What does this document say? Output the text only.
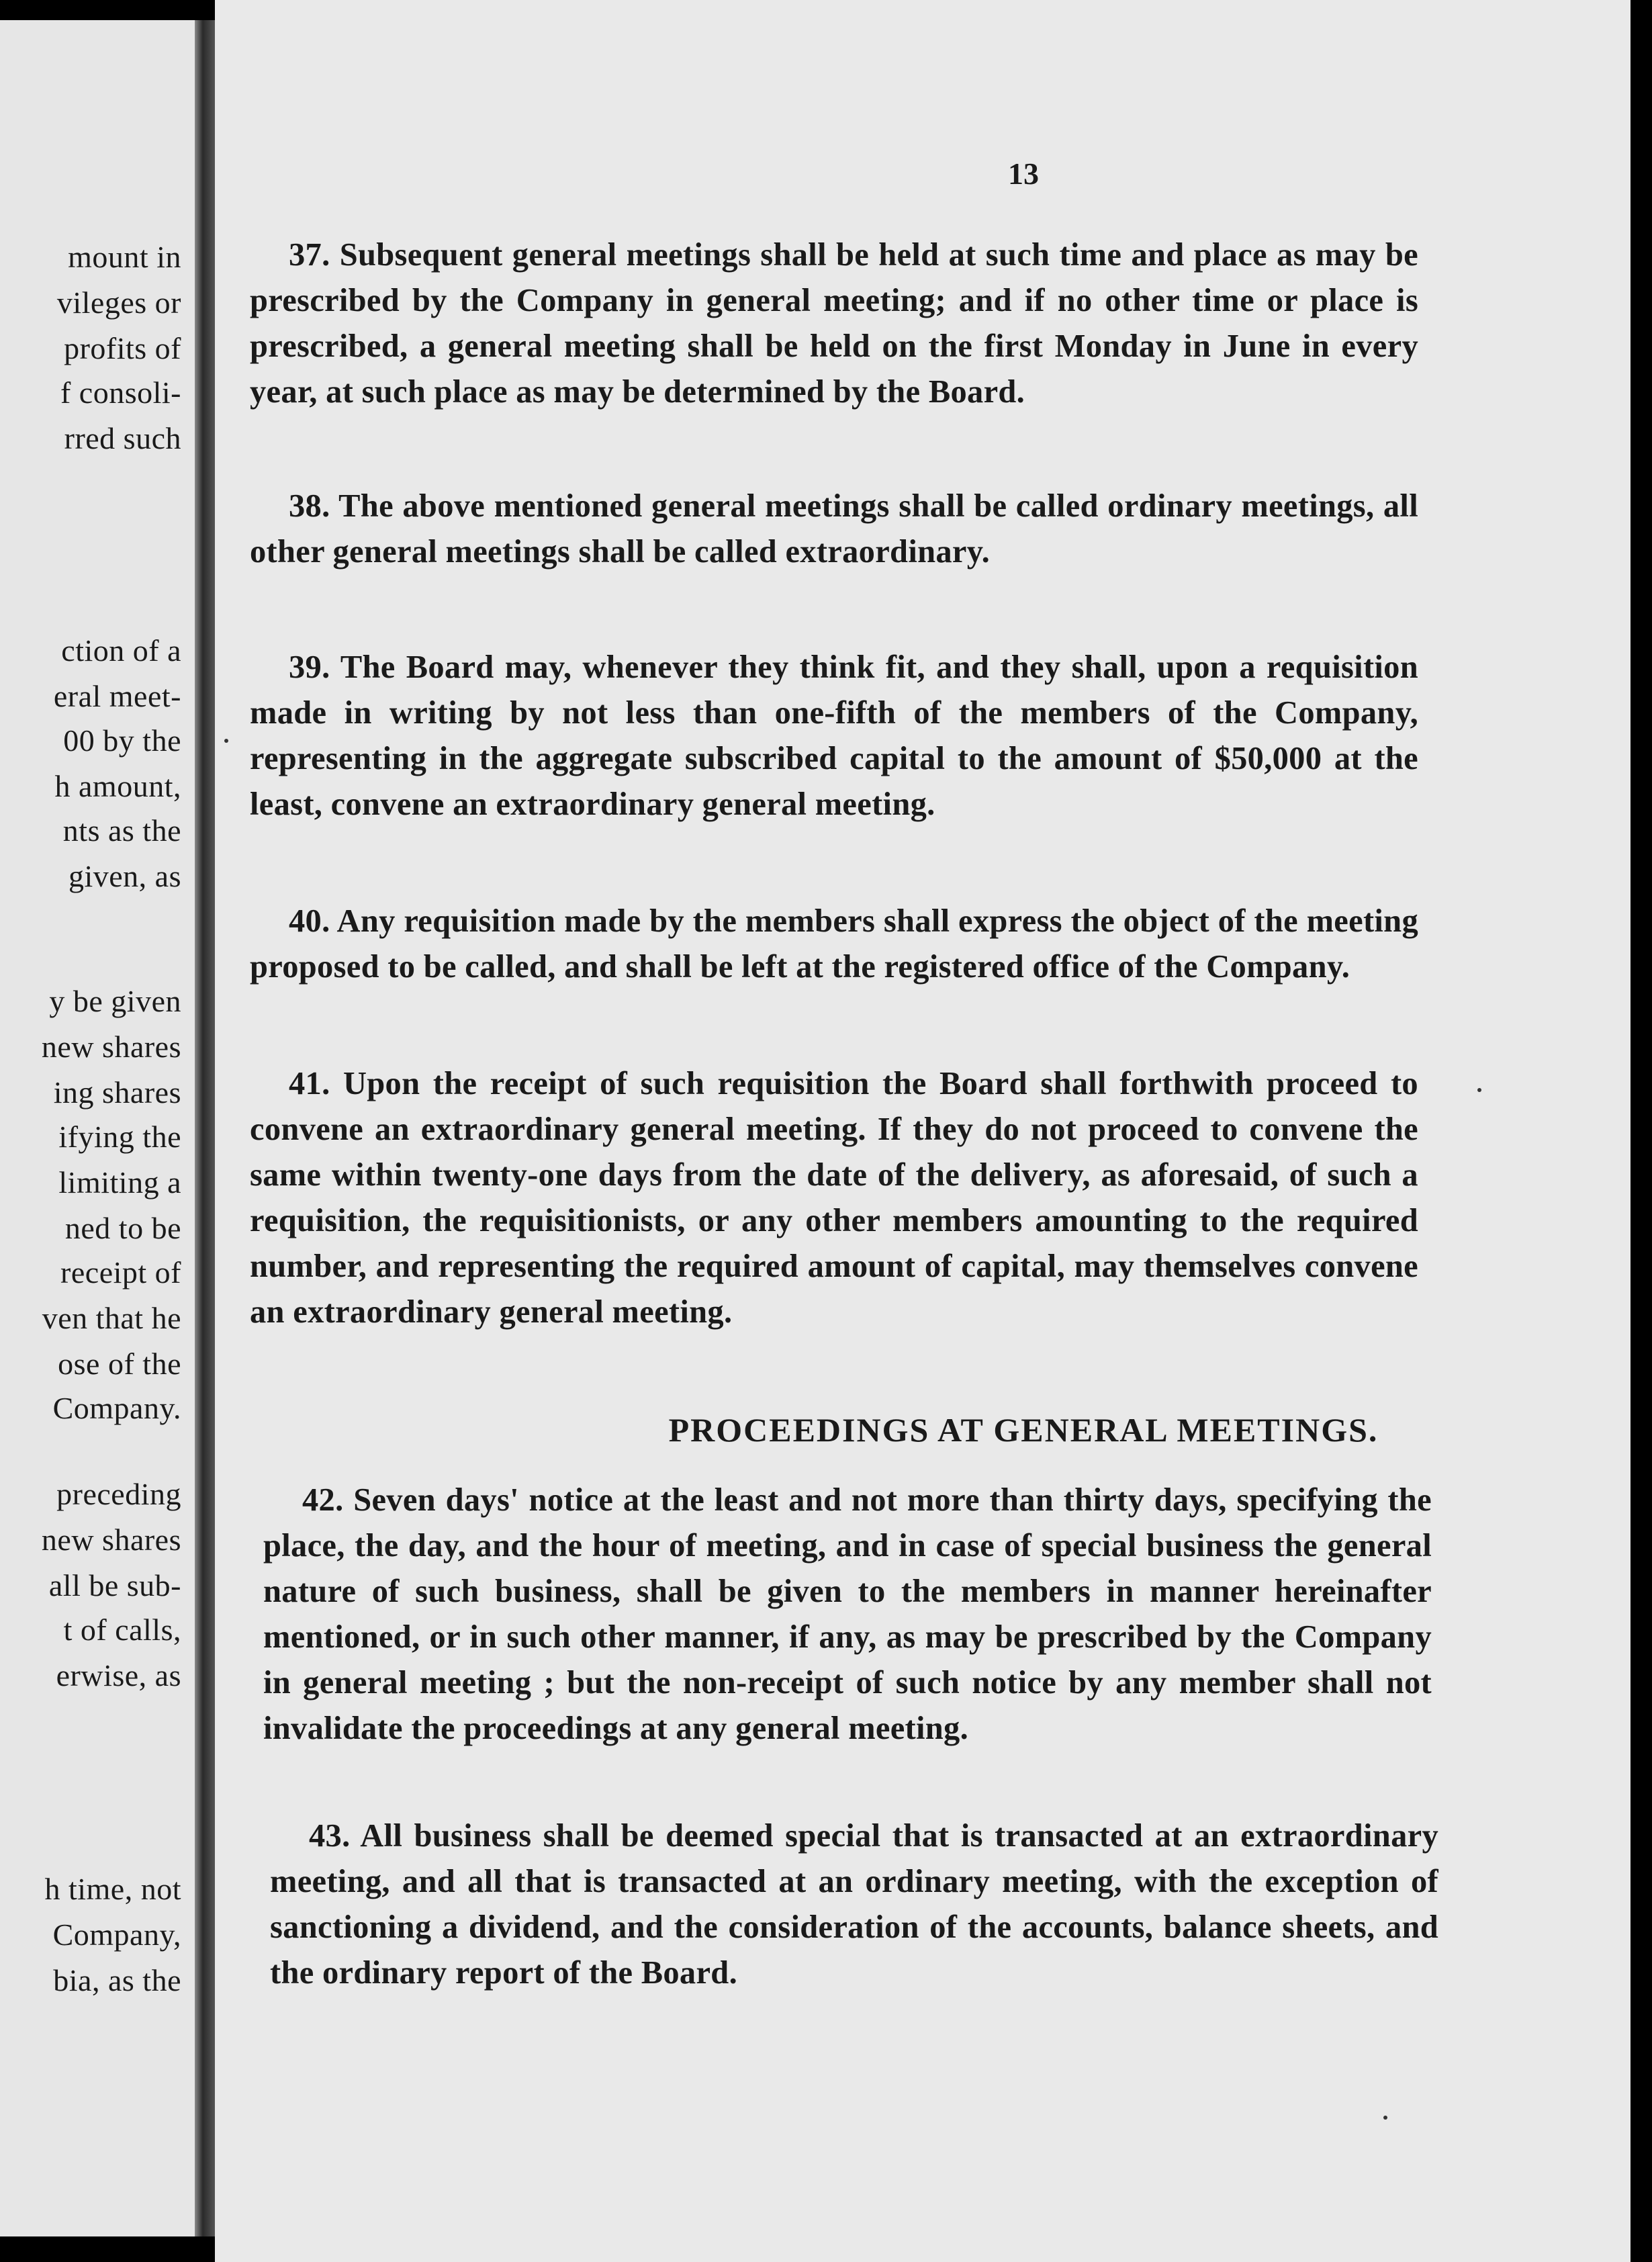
mount in
vileges or
profits of
f consoli-
rred such
ction of a
eral meet-
00 by the
h amount,
nts as the
given, as
y be given
new shares
ing shares
ifying the
limiting a
ned to be
receipt of
ven that he
ose of the
Company.
preceding
new shares
all be sub-
t of calls,
erwise, as
h time, not
Company,
bia, as the
13

37. Subsequent general meetings shall be held at such time and place as may be prescribed by the Company in general meeting; and if no other time or place is prescribed, a general meeting shall be held on the first Monday in June in every year, at such place as may be determined by the Board.

38. The above mentioned general meetings shall be called ordinary meetings, all other general meetings shall be called extraordinary.

39. The Board may, whenever they think fit, and they shall, upon a requisition made in writing by not less than one-fifth of the members of the Company, representing in the aggregate subscribed capital to the amount of $50,000 at the least, convene an extraordinary general meeting.

40. Any requisition made by the members shall express the object of the meeting proposed to be called, and shall be left at the registered office of the Company.

41. Upon the receipt of such requisition the Board shall forthwith proceed to convene an extraordinary general meeting. If they do not proceed to convene the same within twenty-one days from the date of the delivery, as aforesaid, of such a requisition, the requisitionists, or any other members amounting to the required number, and representing the required amount of capital, may themselves convene an extraordinary general meeting.

PROCEEDINGS AT GENERAL MEETINGS.

42. Seven days' notice at the least and not more than thirty days, specifying the place, the day, and the hour of meeting, and in case of special business the general nature of such business, shall be given to the members in manner hereinafter mentioned, or in such other manner, if any, as may be prescribed by the Company in general meeting ; but the non-receipt of such notice by any member shall not invalidate the proceedings at any general meeting.

43. All business shall be deemed special that is transacted at an extraordinary meeting, and all that is transacted at an ordinary meeting, with the exception of sanctioning a dividend, and the consideration of the accounts, balance sheets, and the ordinary report of the Board.
